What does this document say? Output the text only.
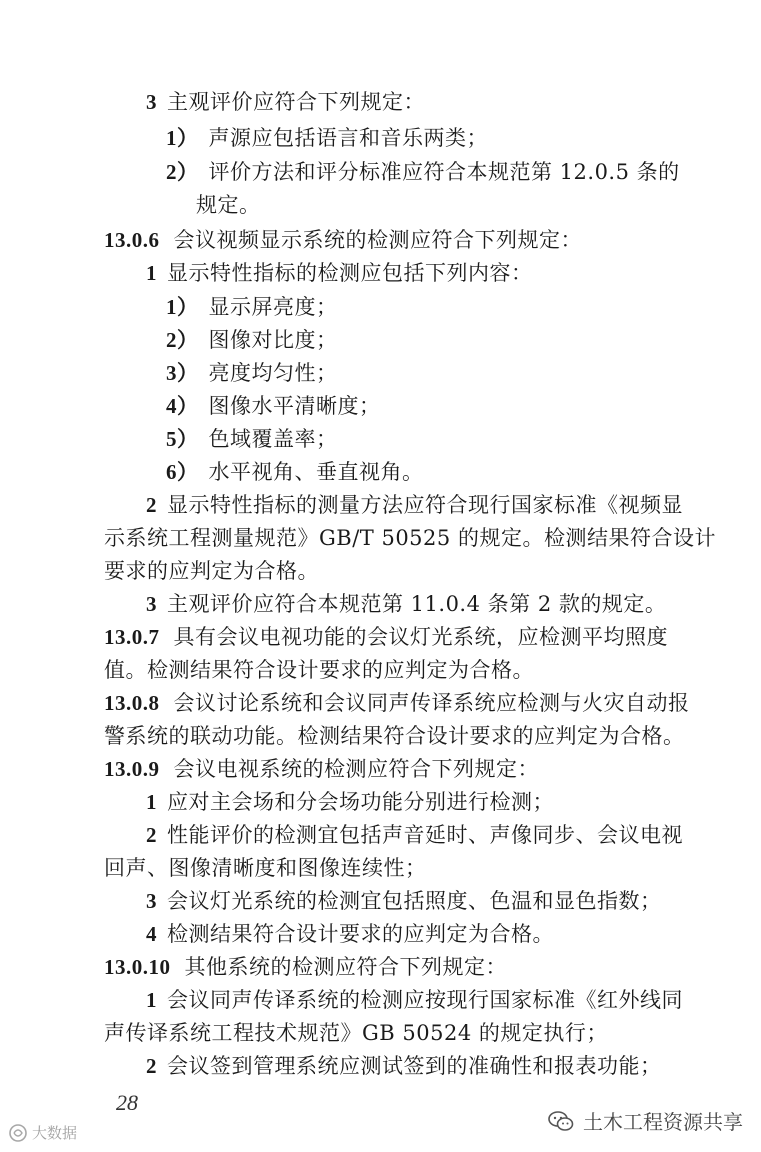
3 主观评价应符合下列规定：
1） 声源应包括语言和音乐两类；
2） 评价方法和评分标准应符合本规范第 12.0.5 条的
规定。
13.0.6 会议视频显示系统的检测应符合下列规定：
1 显示特性指标的检测应包括下列内容：
1） 显示屏亮度；
2） 图像对比度；
3） 亮度均匀性；
4） 图像水平清晰度；
5） 色域覆盖率；
6） 水平视角、垂直视角。
2 显示特性指标的测量方法应符合现行国家标准《视频显
示系统工程测量规范》GB/T 50525 的规定。检测结果符合设计
要求的应判定为合格。
3 主观评价应符合本规范第 11.0.4 条第 2 款的规定。
13.0.7 具有会议电视功能的会议灯光系统，应检测平均照度
值。检测结果符合设计要求的应判定为合格。
13.0.8 会议讨论系统和会议同声传译系统应检测与火灾自动报
警系统的联动功能。检测结果符合设计要求的应判定为合格。
13.0.9 会议电视系统的检测应符合下列规定：
1 应对主会场和分会场功能分别进行检测；
2 性能评价的检测宜包括声音延时、声像同步、会议电视
回声、图像清晰度和图像连续性；
3 会议灯光系统的检测宜包括照度、色温和显色指数；
4 检测结果符合设计要求的应判定为合格。
13.0.10 其他系统的检测应符合下列规定：
1 会议同声传译系统的检测应按现行国家标准《红外线同
声传译系统工程技术规范》GB 50524 的规定执行；
2 会议签到管理系统应测试签到的准确性和报表功能；
28
土木工程资源共享
大数据
